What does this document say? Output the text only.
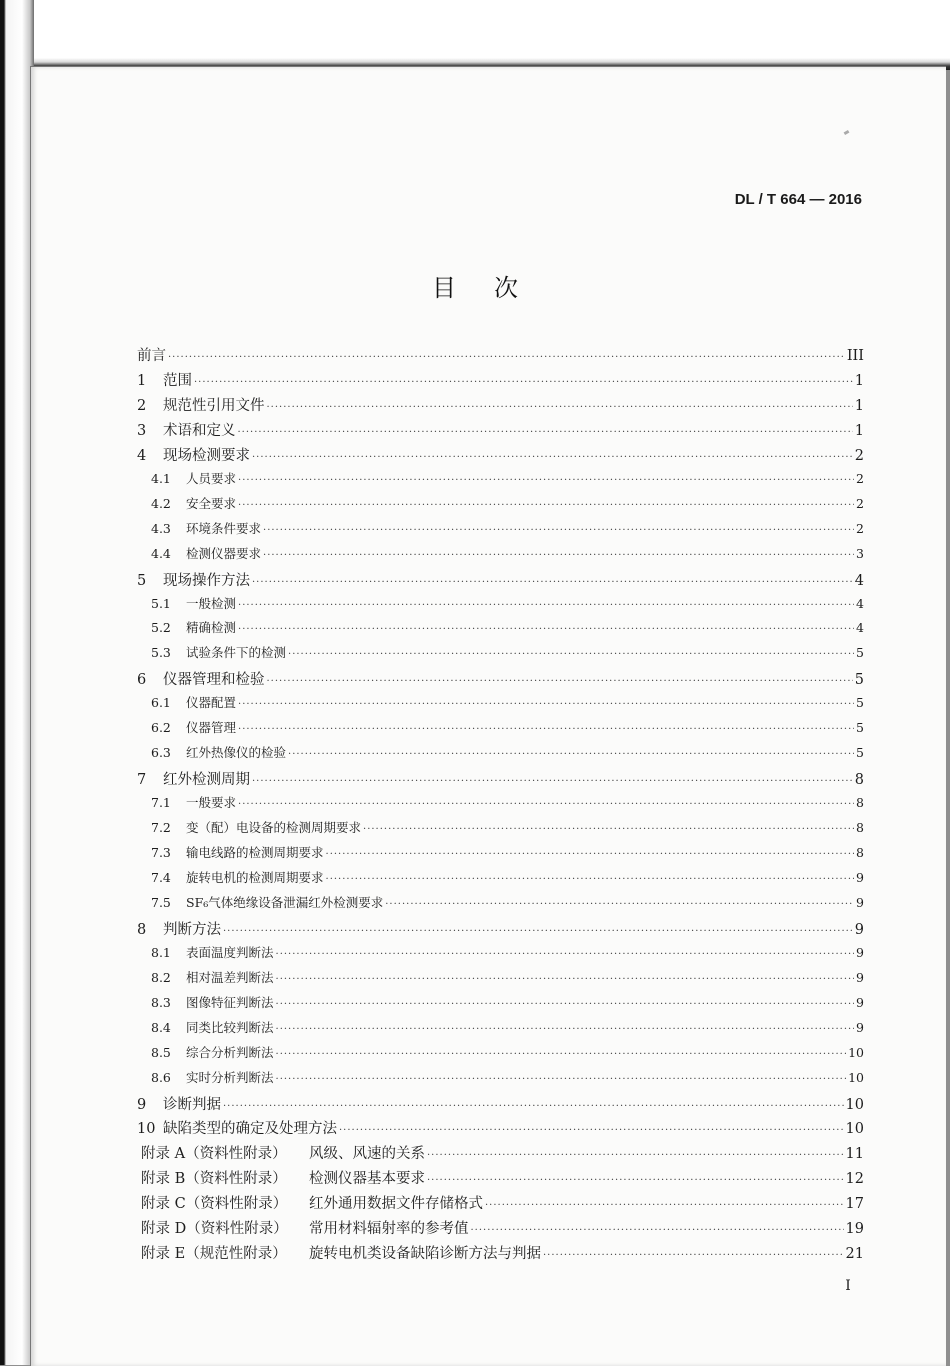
DL / T 664 — 2016
目次
前言 ·····	III
1	范围 ·····	1
2	规范性引用文件 ·····	1
3	术语和定义 ·····	1
4	现场检测要求 ·····	2
4.1	人员要求 ·····	2
4.2	安全要求 ·····	2
4.3	环境条件要求 ·····	2
4.4	检测仪器要求 ·····	3
5	现场操作方法 ·····	4
5.1	一般检测 ·····	4
5.2	精确检测 ·····	4
5.3	试验条件下的检测 ·····	5
6	仪器管理和检验 ·····	5
6.1	仪器配置 ·····	5
6.2	仪器管理 ·····	5
6.3	红外热像仪的检验 ·····	5
7	红外检测周期 ·····	8
7.1	一般要求 ·····	8
7.2	变（配）电设备的检测周期要求 ·····	8
7.3	输电线路的检测周期要求 ·····	8
7.4	旋转电机的检测周期要求 ·····	9
7.5	SF₆气体绝缘设备泄漏红外检测要求 ·····	9
8	判断方法 ·····	9
8.1	表面温度判断法 ·····	9
8.2	相对温差判断法 ·····	9
8.3	图像特征判断法 ·····	9
8.4	同类比较判断法 ·····	9
8.5	综合分析判断法 ·····	10
8.6	实时分析判断法 ·····	10
9	诊断判据 ·····	10
10 缺陷类型的确定及处理方法 ·····	10
附录 A（资料性附录）	风级、风速的关系 ·····	11
附录 B（资料性附录）	检测仪器基本要求 ·····	12
附录 C（资料性附录）	红外通用数据文件存储格式 ·····	17
附录 D（资料性附录）	常用材料辐射率的参考值 ·····	19
附录 E（规范性附录）	旋转电机类设备缺陷诊断方法与判据 ·····	21
I
